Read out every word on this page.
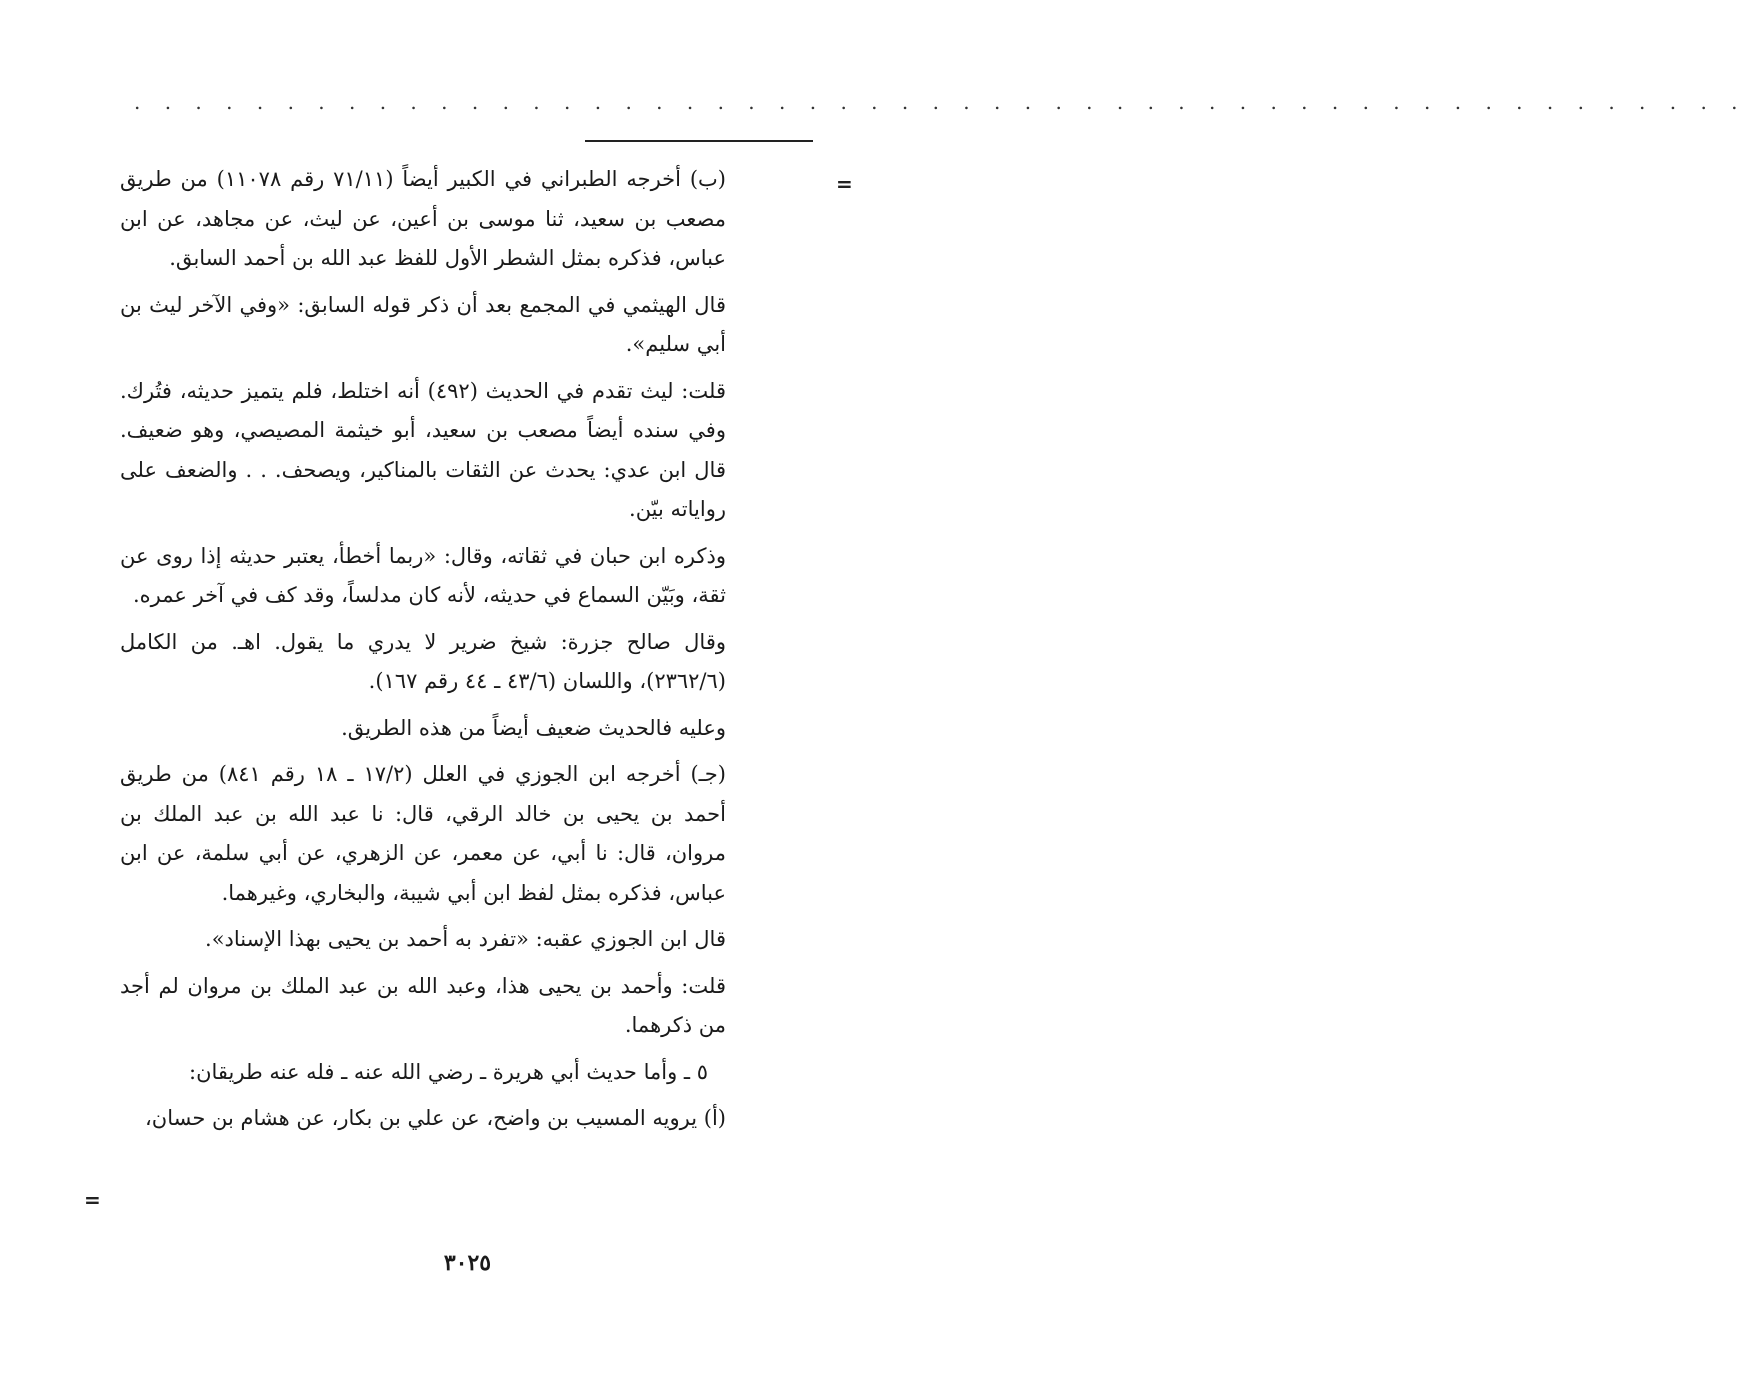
. . . . . . . . . . . . . . . . . . . . . . . . . . . . . . . . . . . . . . . . . . . . . . . . . . . . .
=

(ب) أخرجه الطبراني في الكبير أيضاً (٧١/١١ رقم ١١٠٧٨) من طريق مصعب بن سعيد، ثنا موسى بن أعين، عن ليث، عن مجاهد، عن ابن عباس، فذكره بمثل الشطر الأول للفظ عبد الله بن أحمد السابق.

قال الهيثمي في المجمع بعد أن ذكر قوله السابق: «وفي الآخر ليث بن أبي سليم».

قلت: ليث تقدم في الحديث (٤٩٢) أنه اختلط، فلم يتميز حديثه، فتُرك. وفي سنده أيضاً مصعب بن سعيد، أبو خيثمة المصيصي، وهو ضعيف. قال ابن عدي: يحدث عن الثقات بالمناكير، ويصحف. . . والضعف على رواياته بيّن.

وذكره ابن حبان في ثقاته، وقال: «ربما أخطأ، يعتبر حديثه إذا روى عن ثقة، وبَيّن السماع في حديثه، لأنه كان مدلساً، وقد كف في آخر عمره.

وقال صالح جزرة: شيخ ضرير لا يدري ما يقول. اهـ. من الكامل (٢٣٦٢/٦)، واللسان (٤٣/٦ ـ ٤٤ رقم ١٦٧).

وعليه فالحديث ضعيف أيضاً من هذه الطريق.

(جـ) أخرجه ابن الجوزي في العلل (١٧/٢ ـ ١٨ رقم ٨٤١) من طريق أحمد بن يحيى بن خالد الرقي، قال: نا عبد الله بن عبد الملك بن مروان، قال: نا أبي، عن معمر، عن الزهري، عن أبي سلمة، عن ابن عباس، فذكره بمثل لفظ ابن أبي شيبة، والبخاري، وغيرهما.

قال ابن الجوزي عقبه: «تفرد به أحمد بن يحيى بهذا الإسناد».

قلت: وأحمد بن يحيى هذا، وعبد الله بن عبد الملك بن مروان لم أجد من ذكرهما.

٥ ـ وأما حديث أبي هريرة ـ رضي الله عنه ـ فله عنه طريقان:

(أ) يرويه المسيب بن واضح، عن علي بن بكار، عن هشام بن حسان،

=
٣٠٢٥
